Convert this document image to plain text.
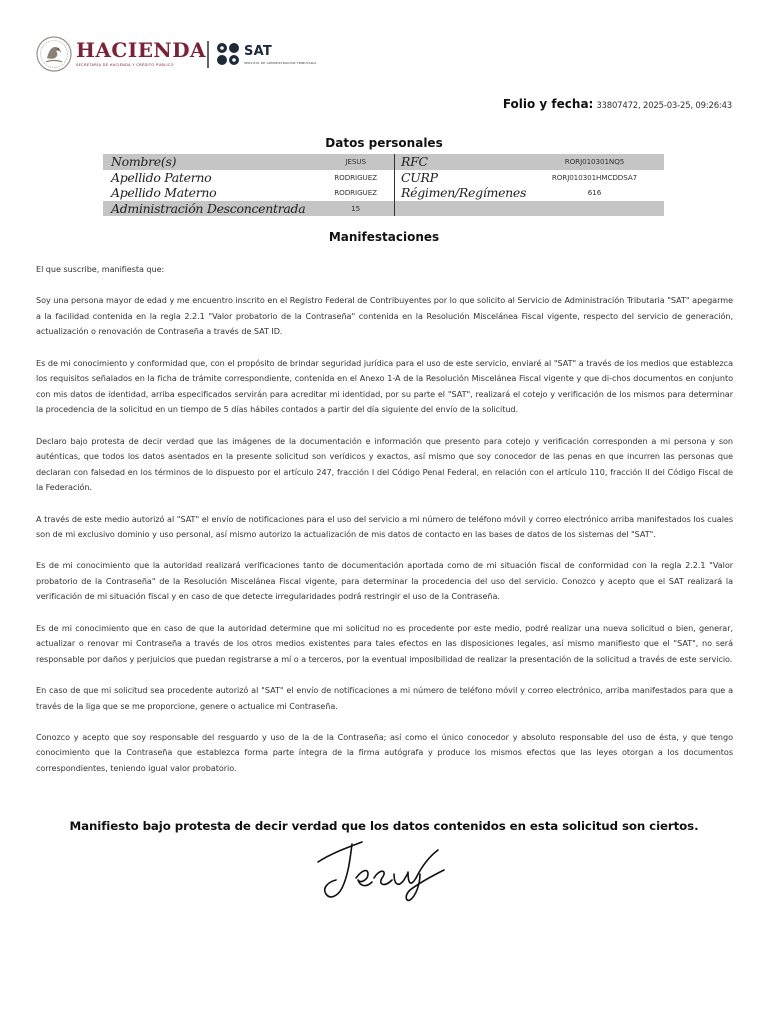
HACIENDA
SECRETARÍA DE HACIENDA Y CRÉDITO PÚBLICO
SAT
SERVICIO DE ADMINISTRACIÓN TRIBUTARIA
Folio y fecha: 33807472, 2025-03-25, 09:26:43
Datos personales
Nombre(s)	JESUS	RFC	RORJ010301NQ5
Apellido Paterno	RODRIGUEZ	CURP	RORJ010301HMCDDSA7
Apellido Materno	RODRIGUEZ	Régimen/Regímenes	616
Administración Desconcentrada	15
Manifestaciones

El que suscribe, manifiesta que:

Soy una persona mayor de edad y me encuentro inscrito en el Registro Federal de Contribuyentes por lo que solicito al Servicio de Administración Tributaria "SAT" apegarme a la facilidad contenida en la regla 2.2.1 "Valor probatorio de la Contraseña" contenida en la Resolución Miscelánea Fiscal vigente, respecto del servicio de generación, actualización o renovación de Contraseña a través de SAT ID.

Es de mi conocimiento y conformidad que, con el propósito de brindar seguridad jurídica para el uso de este servicio, enviaré al "SAT" a través de los medios que establezca los requisitos señalados en la ficha de trámite correspondiente, contenida en el Anexo 1-A de la Resolución Miscelánea Fiscal vigente y que di-chos documentos en conjunto con mis datos de identidad, arriba especificados servirán para acreditar mi identidad, por su parte el "SAT", realizará el cotejo y verificación de los mismos para determinar la procedencia de la solicitud en un tiempo de 5 días hábiles contados a partir del día siguiente del envío de la solicitud.

Declaro bajo protesta de decir verdad que las imágenes de la documentación e información que presento para cotejo y verificación corresponden a mi persona y son auténticas, que todos los datos asentados en la presente solicitud son verídicos y exactos, así mismo que soy conocedor de las penas en que incurren las personas que declaran con falsedad en los términos de lo dispuesto por el artículo 247, fracción I del Código Penal Federal, en relación con el artículo 110, fracción II del Código Fiscal de la Federación.

A través de este medio autorizó al "SAT" el envío de notificaciones para el uso del servicio a mi número de teléfono móvil y correo electrónico arriba manifestados los cuales son de mi exclusivo dominio y uso personal, así mismo autorizo la actualización de mis datos de contacto en las bases de datos de los sistemas del "SAT".

Es de mi conocimiento que la autoridad realizará verificaciones tanto de documentación aportada como de mi situación fiscal de conformidad con la regla 2.2.1 "Valor probatorio de la Contraseña" de la Resolución Miscelánea Fiscal vigente, para determinar la procedencia del uso del servicio. Conozco y acepto que el SAT realizará la verificación de mi situación fiscal y en caso de que detecte irregularidades podrá restringir el uso de la Contraseña.

Es de mi conocimiento que en caso de que la autoridad determine que mi solicitud no es procedente por este medio, podré realizar una nueva solicitud o bien, generar, actualizar o renovar mi Contraseña a través de los otros medios existentes para tales efectos en las disposiciones legales, así mismo manifiesto que el "SAT", no será responsable por daños y perjuicios que puedan registrarse a mí o a terceros, por la eventual imposibilidad de realizar la presentación de la solicitud a través de este servicio.

En caso de que mi solicitud sea procedente autorizó al "SAT" el envío de notificaciones a mi número de teléfono móvil y correo electrónico, arriba manifestados para que a través de la liga que se me proporcione, genere o actualice mi Contraseña.

Conozco y acepto que soy responsable del resguardo y uso de la de la Contraseña; así como el único conocedor y absoluto responsable del uso de ésta, y que tengo conocimiento que la Contraseña que establezca forma parte íntegra de la firma autógrafa y produce los mismos efectos que las leyes otorgan a los documentos correspondientes, teniendo igual valor probatorio.

Manifiesto bajo protesta de decir verdad que los datos contenidos en esta solicitud son ciertos.
